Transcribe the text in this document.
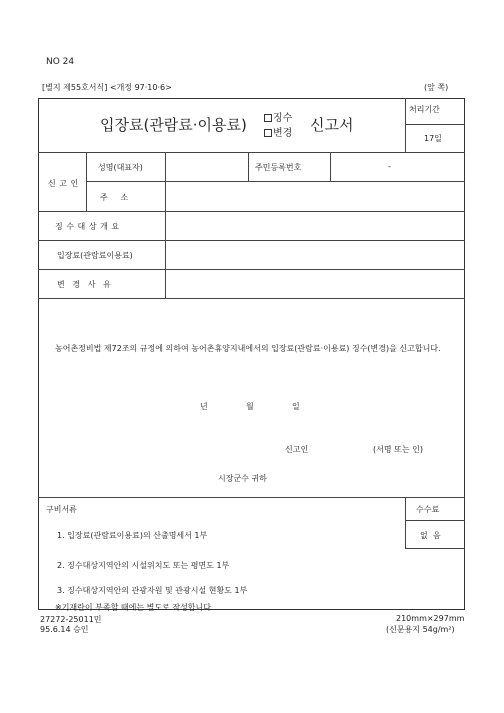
NO 24
[별지 제55호서식] <개정 97·10·6>	(앞 쪽)
입장료(관람료·이용료)	징수
변경 신고서
처리기간
17일
신 고 인
성명(대표자)	주민등록번호	-
주     소
징 수 대 상 개 요
입장료(관람료이용료)
변   경   사   유
농어촌정비법 제72조의 규정에 의하여 농어촌휴양지내에서의 입장료(관람료·이용료) 징수(변경)을 신고합니다.
년	월	일
신고인	(서명 또는 인)
시장군수 귀하
구비서류
1. 입장료(관람료이용료)의 산출명세서 1부
2. 징수대상지역안의 시설위치도 또는 평면도 1부
3. 징수대상지역안의 관광자원 및 관광시설 현황도 1부
※기재란이 부족할 때에는 별도로 작성합니다.
수수료
없  음
27272-25011민
95.6.14 승인
210mm×297mm
(신문용지 54g/m²)
